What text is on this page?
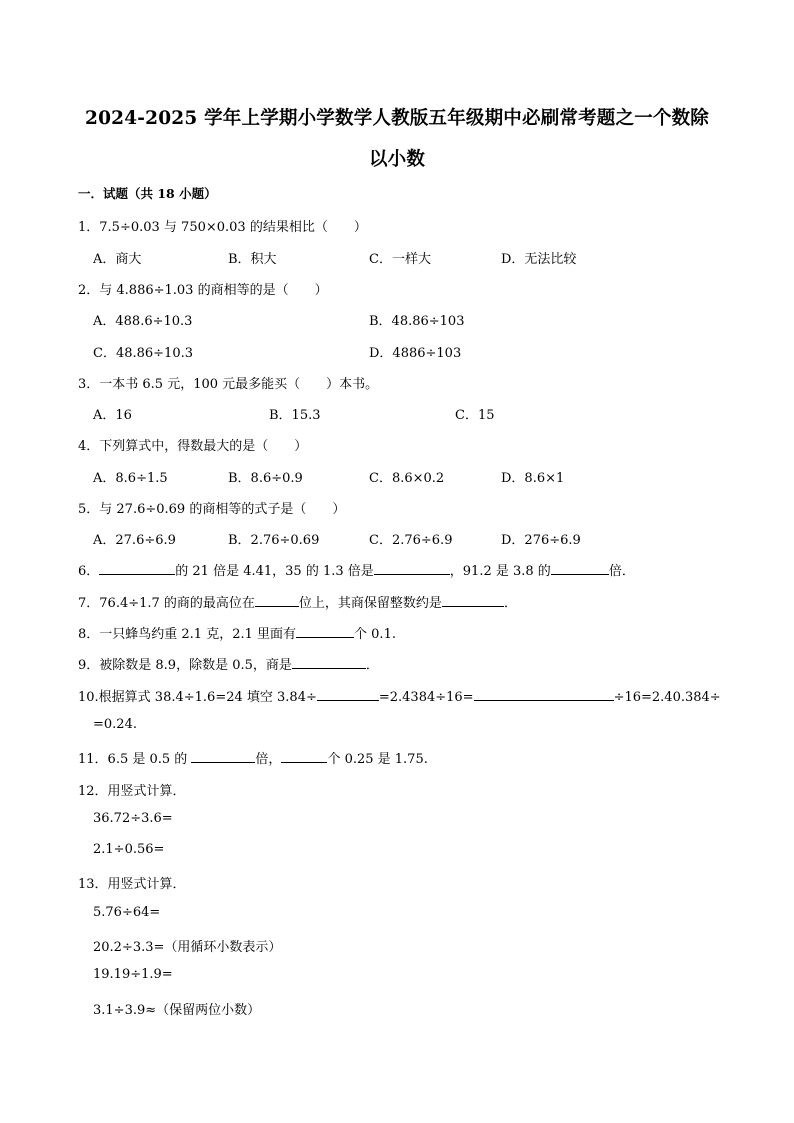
2024-2025 学年上学期小学数学人教版五年级期中必刷常考题之一个数除
以小数
一．试题（共 18 小题）
1．7.5÷0.03 与 750×0.03 的结果相比（　　）
A．商大	B．积大	C．一样大	D．无法比较
2．与 4.886÷1.03 的商相等的是（　　）
A．488.6÷10.3	B．48.86÷103
C．48.86÷10.3	D．4886÷103
3．一本书 6.5 元，100 元最多能买（　　）本书。
A．16	B．15.3	C．15
4．下列算式中，得数最大的是（　　）
A．8.6÷1.5	B．8.6÷0.9	C．8.6×0.2	D．8.6×1
5．与 27.6÷0.69 的商相等的式子是（　　）
A．27.6÷6.9	B．2.76÷0.69	C．2.76÷6.9	D．276÷6.9
6．	的 21 倍是 4.41，35 的 1.3 倍是	，91.2 是 3.8 的	倍．
7．76.4÷1.7 的商的最高位在	位上，其商保留整数约是	．
8．一只蜂鸟约重 2.1 克，2.1 里面有	个 0.1.
9．被除数是 8.9，除数是 0.5，商是	．
10.根据算式 38.4÷1.6=24 填空 3.84÷	=2.4384÷16=	÷16=2.40.384÷
=0.24.
11．6.5 是 0.5 的	倍，	个 0.25 是 1.75.
12．用竖式计算．
36.72÷3.6=
2.1÷0.56=
13．用竖式计算．
5.76÷64=
20.2÷3.3=（用循环小数表示）
19.19÷1.9=
3.1÷3.9≈（保留两位小数）
